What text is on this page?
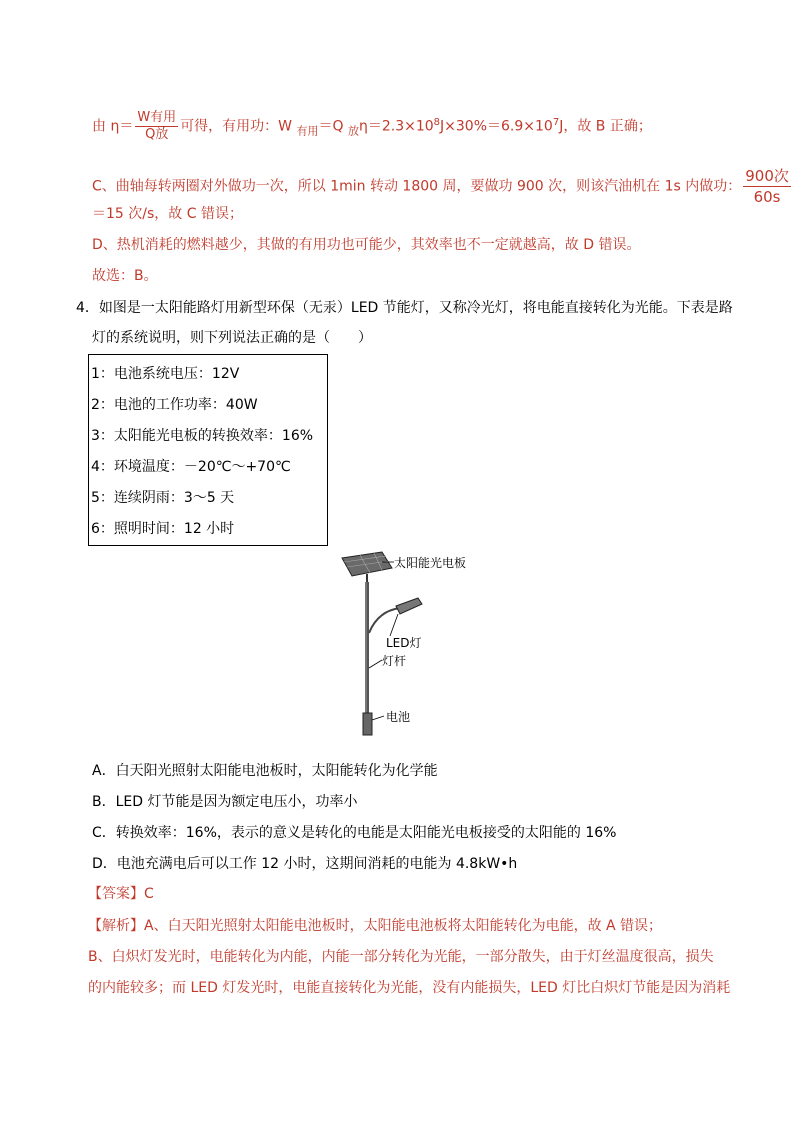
由 $\eta= \frac{\text{W有用}}{\text{Q放}}$ 可得，有用功：W $_{有用}$＝Q $_放\eta=2.3\times 10^8J\times 30\%=6.9\times 10^7J$，故 B 正确；
C、曲轴每转两圈对外做功一次，所以 1min 转动 1800 周，要做功 900 次，则该汽油机在 1s 内做功： $\frac{\text{900次}}{60s}$
＝15 次/s，故 C 错误；
D、热机消耗的燃料越少，其做的有用功也可能少，其效率也不一定就越高，故 D 错误。
故选：B。
4．如图是一太阳能路灯用新型环保（无汞）LED 节能灯，又称冷光灯，将电能直接转化为光能。下表是路
灯的系统说明，则下列说法正确的是（　　）
1：电池系统电压：12V
2：电池的工作功率：40W
3：太阳能光电板的转换效率：16%
4：环境温度：－20℃～+70℃
5：连续阴雨：3～5 天
6：照明时间：12 小时
太阳能光电板
LED灯
灯杆
电池
A．白天阳光照射太阳能电池板时，太阳能转化为化学能
B．LED 灯节能是因为额定电压小，功率小
C．转换效率：16%，表示的意义是转化的电能是太阳能光电板接受的太阳能的 16%
D．电池充满电后可以工作 12 小时，这期间消耗的电能为 4.8kW•h
【答案】C
【解析】A、白天阳光照射太阳能电池板时，太阳能电池板将太阳能转化为电能，故 A 错误；
B、白炽灯发光时，电能转化为内能，内能一部分转化为光能，一部分散失，由于灯丝温度很高，损失
的内能较多；而 LED 灯发光时，电能直接转化为光能，没有内能损失，LED 灯比白炽灯节能是因为消耗
